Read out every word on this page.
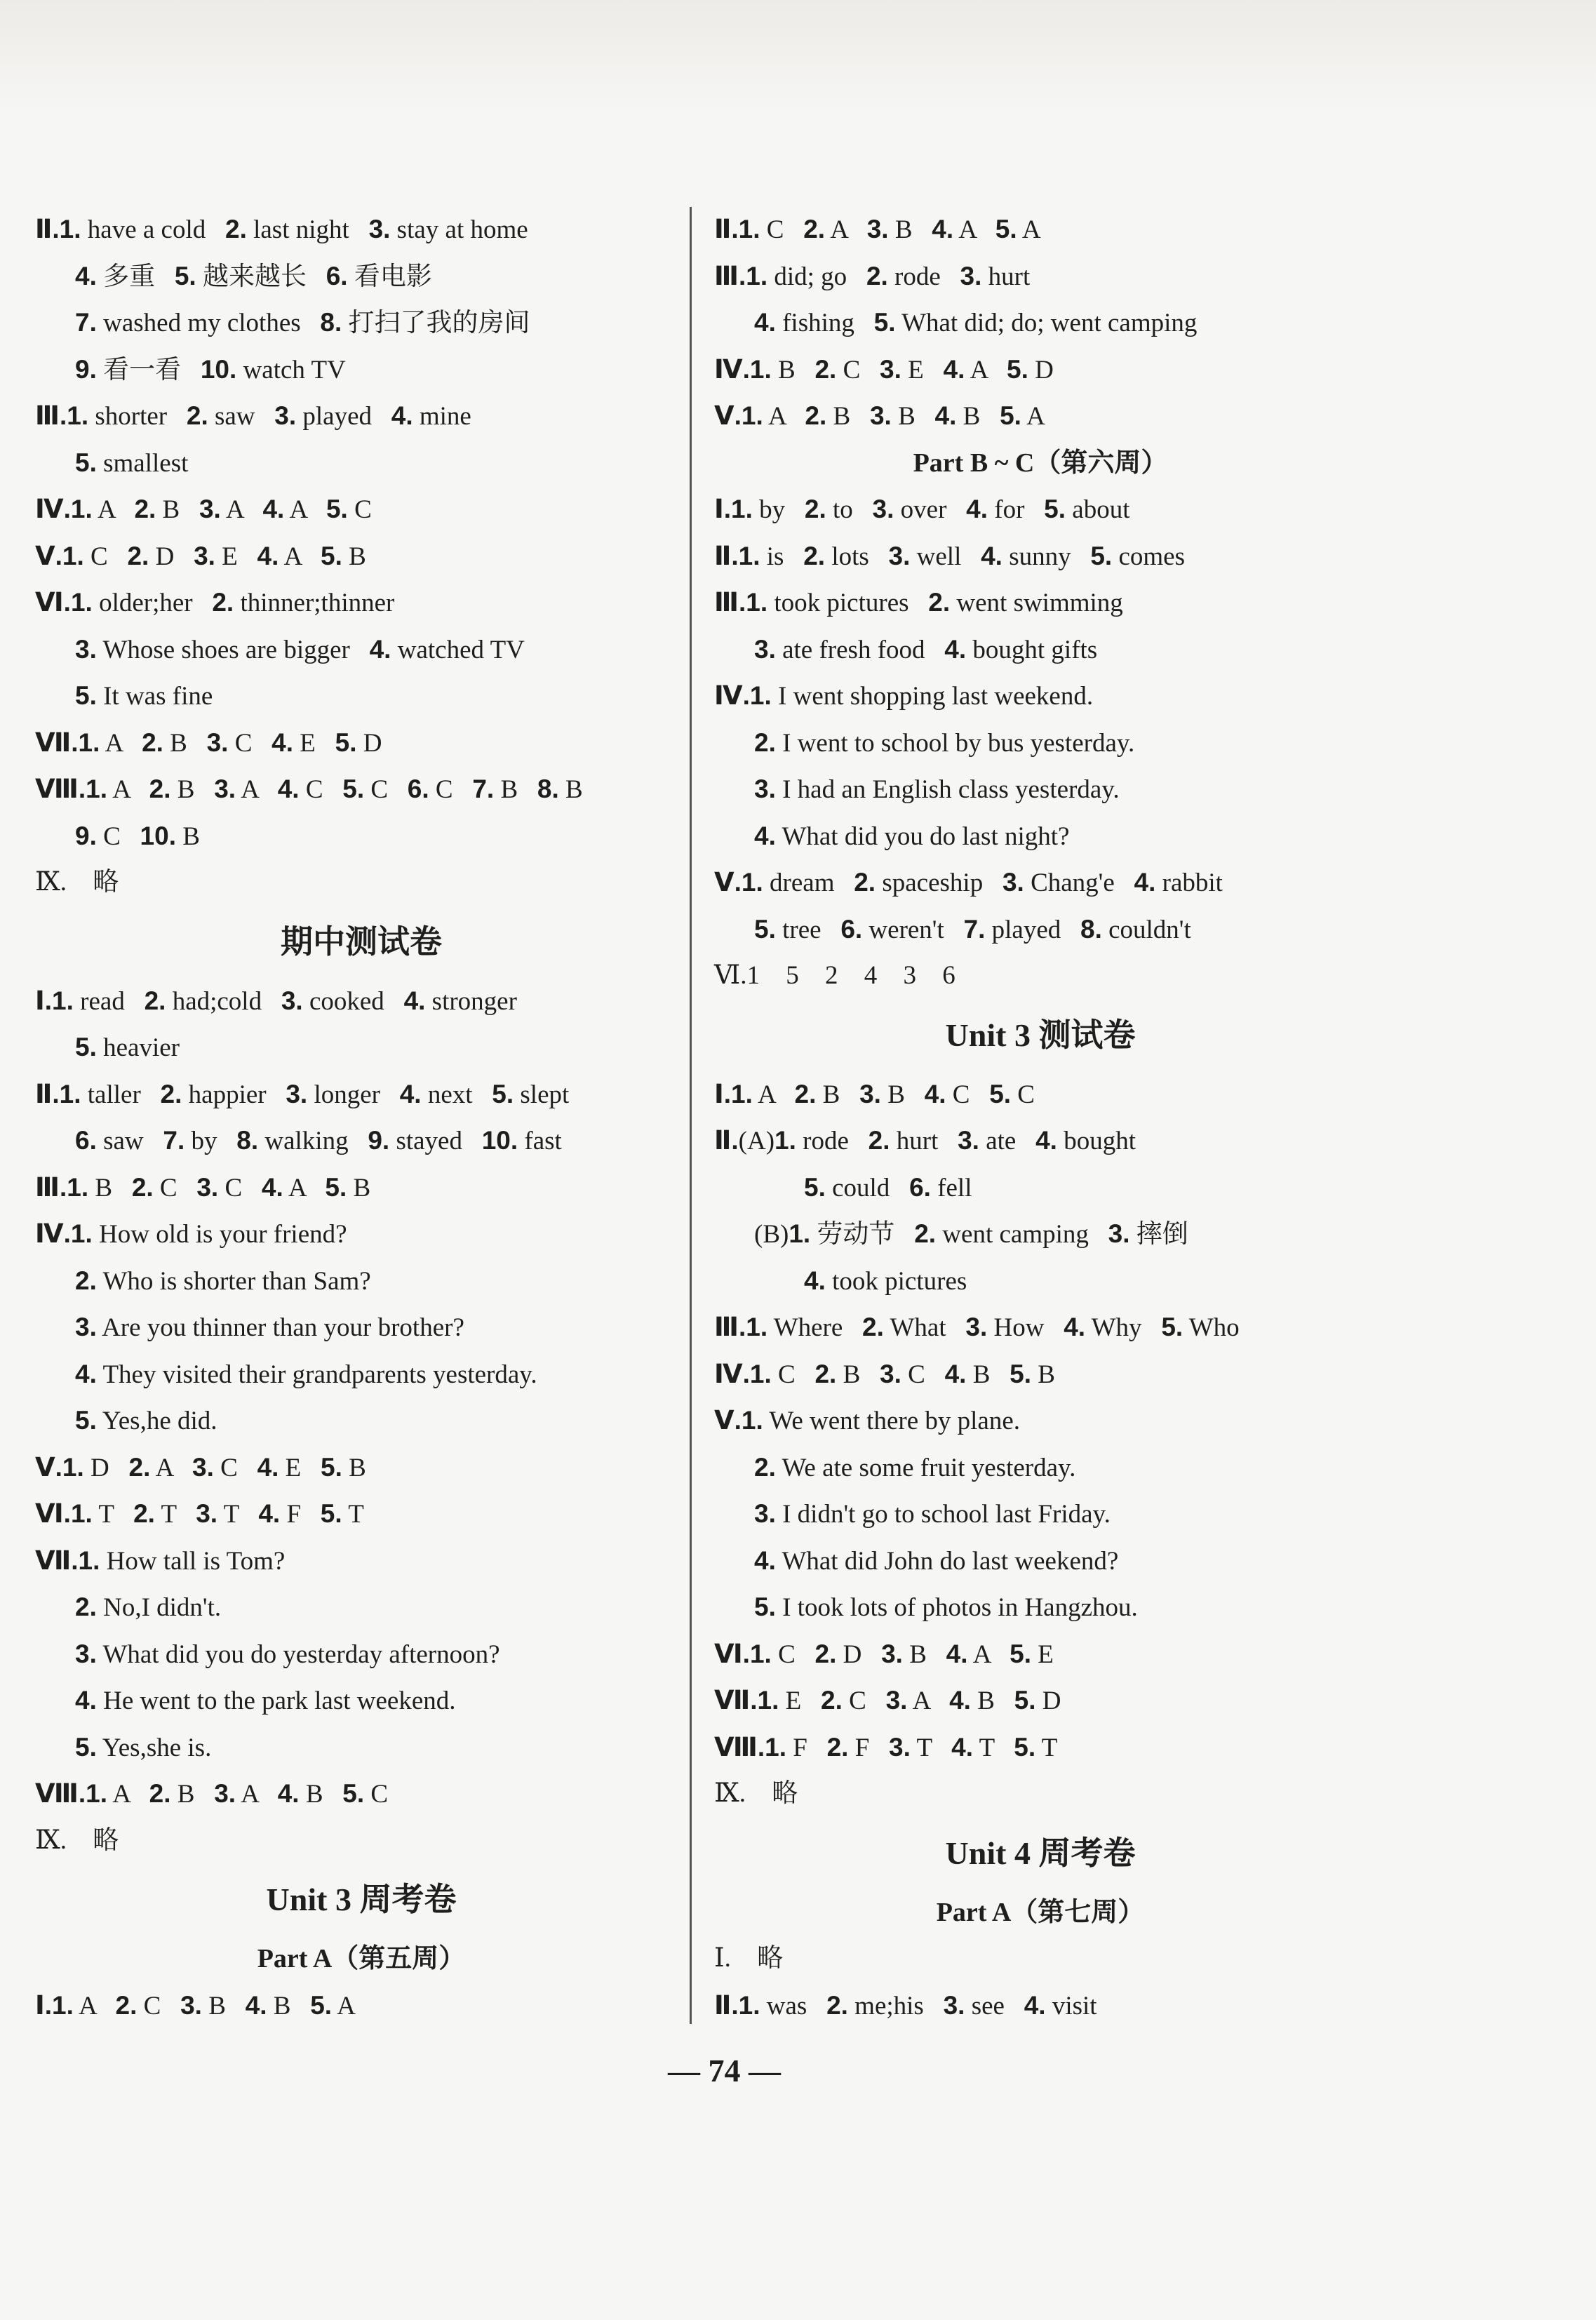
Ⅱ.1. have a cold   2. last night   3. stay at home
4. 多重   5. 越来越长   6. 看电影
7. washed my clothes   8. 打扫了我的房间
9. 看一看   10. watch TV
Ⅲ.1. shorter   2. saw   3. played   4. mine
5. smallest
Ⅳ.1. A   2. B   3. A   4. A   5. C
Ⅴ.1. C   2. D   3. E   4. A   5. B
Ⅵ.1. older;her   2. thinner;thinner
3. Whose shoes are bigger   4. watched TV
5. It was fine
Ⅶ.1. A   2. B   3. C   4. E   5. D
Ⅷ.1. A   2. B   3. A   4. C   5. C   6. C   7. B   8. B
9. C   10. B
Ⅸ. 略
期中测试卷
Ⅰ.1. read   2. had;cold   3. cooked   4. stronger
5. heavier
Ⅱ.1. taller   2. happier   3. longer   4. next   5. slept
6. saw   7. by   8. walking   9. stayed   10. fast
Ⅲ.1. B   2. C   3. C   4. A   5. B
Ⅳ.1. How old is your friend?
2. Who is shorter than Sam?
3. Are you thinner than your brother?
4. They visited their grandparents yesterday.
5. Yes,he did.
Ⅴ.1. D   2. A   3. C   4. E   5. B
Ⅵ.1. T   2. T   3. T   4. F   5. T
Ⅶ.1. How tall is Tom?
2. No,I didn't.
3. What did you do yesterday afternoon?
4. He went to the park last weekend.
5. Yes,she is.
Ⅷ.1. A   2. B   3. A   4. B   5. C
Ⅸ. 略
Unit 3 周考卷
Part A（第五周）
Ⅰ.1. A   2. C   3. B   4. B   5. A
Ⅱ.1. C   2. A   3. B   4. A   5. A
Ⅲ.1. did; go   2. rode   3. hurt
4. fishing   5. What did; do; went camping
Ⅳ.1. B   2. C   3. E   4. A   5. D
Ⅴ.1. A   2. B   3. B   4. B   5. A
Part B ~ C（第六周）
Ⅰ.1. by   2. to   3. over   4. for   5. about
Ⅱ.1. is   2. lots   3. well   4. sunny   5. comes
Ⅲ.1. took pictures   2. went swimming
3. ate fresh food   4. bought gifts
Ⅳ.1. I went shopping last weekend.
2. I went to school by bus yesterday.
3. I had an English class yesterday.
4. What did you do last night?
Ⅴ.1. dream   2. spaceship   3. Chang'e   4. rabbit
5. tree   6. weren't   7. played   8. couldn't
Ⅵ.1 5 2 4 3 6
Unit 3 测试卷
Ⅰ.1. A   2. B   3. B   4. C   5. C
Ⅱ.(A)1. rode   2. hurt   3. ate   4. bought
5. could   6. fell
(B)1. 劳动节   2. went camping   3. 摔倒
4. took pictures
Ⅲ.1. Where   2. What   3. How   4. Why   5. Who
Ⅳ.1. C   2. B   3. C   4. B   5. B
Ⅴ.1. We went there by plane.
2. We ate some fruit yesterday.
3. I didn't go to school last Friday.
4. What did John do last weekend?
5. I took lots of photos in Hangzhou.
Ⅵ.1. C   2. D   3. B   4. A   5. E
Ⅶ.1. E   2. C   3. A   4. B   5. D
Ⅷ.1. F   2. F   3. T   4. T   5. T
Ⅸ. 略
Unit 4 周考卷
Part A（第七周）
Ⅰ. 略
Ⅱ.1. was   2. me;his   3. see   4. visit
— 74 —
